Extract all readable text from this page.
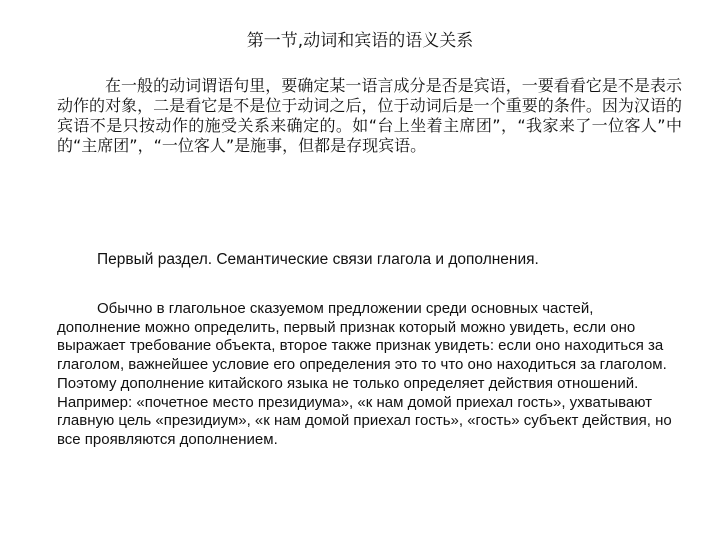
第一节,动词和宾语的语义关系
在一般的动词谓语句里，要确定某一语言成分是否是宾语，一要看看它是不是表示动作的对象，二是看它是不是位于动词之后，位于动词后是一个重要的条件。因为汉语的宾语不是只按动作的施受关系来确定的。如“台上坐着主席团”，“我家来了一位客人”中的“主席团”，“一位客人”是施事，但都是存现宾语。
Первый раздел. Семантические связи глагола и дополнения.
Обычно в глагольное сказуемом предложении среди основных частей, дополнение можно определить, первый признак который можно увидеть, если оно выражает требование объекта, второе также признак увидеть: если оно находиться за глаголом, важнейшее условие его определения это то что оно находиться за глаголом. Поэтому дополнение китайского языка не только определяет действия отношений. Например: «почетное место президиума», «к нам домой приехал гость», ухватывают главную цель «президиум», «к нам домой приехал гость», «гость» субъект действия, но все проявляются дополнением.
